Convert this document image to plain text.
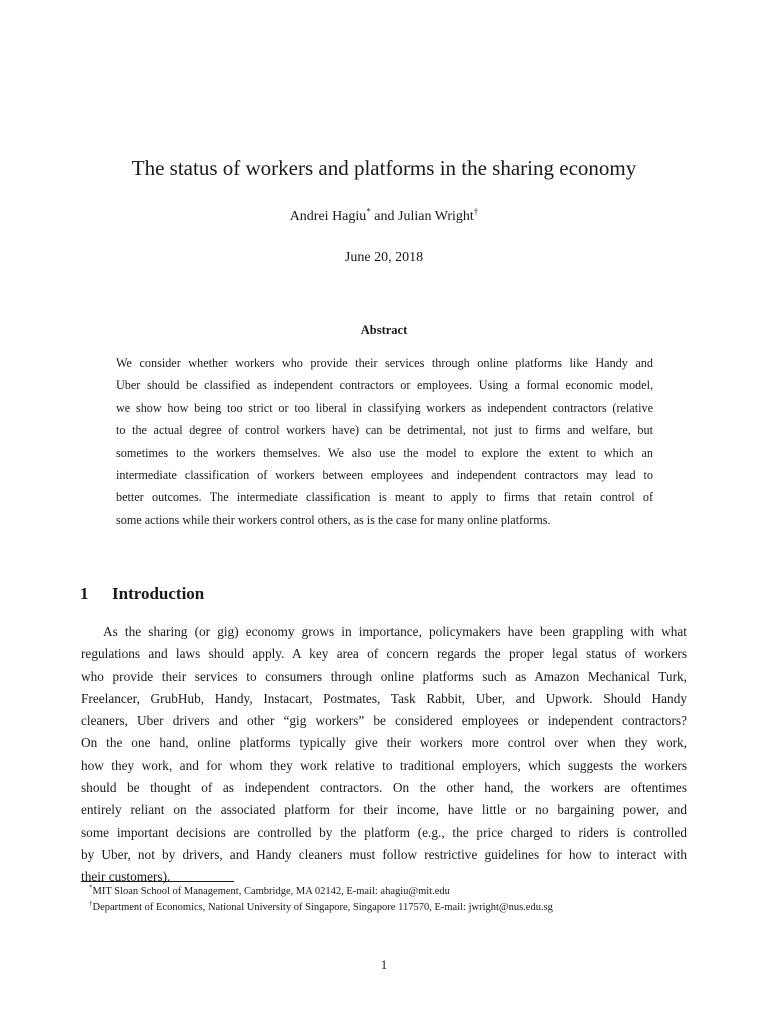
The status of workers and platforms in the sharing economy
Andrei Hagiu* and Julian Wright†
June 20, 2018
Abstract
We consider whether workers who provide their services through online platforms like Handy and
Uber should be classified as independent contractors or employees. Using a formal economic model,
we show how being too strict or too liberal in classifying workers as independent contractors (relative
to the actual degree of control workers have) can be detrimental, not just to firms and welfare, but
sometimes to the workers themselves. We also use the model to explore the extent to which an
intermediate classification of workers between employees and independent contractors may lead to
better outcomes. The intermediate classification is meant to apply to firms that retain control of
some actions while their workers control others, as is the case for many online platforms.
1 Introduction
As the sharing (or gig) economy grows in importance, policymakers have been grappling with what
regulations and laws should apply. A key area of concern regards the proper legal status of workers
who provide their services to consumers through online platforms such as Amazon Mechanical Turk,
Freelancer, GrubHub, Handy, Instacart, Postmates, Task Rabbit, Uber, and Upwork. Should Handy
cleaners, Uber drivers and other “gig workers” be considered employees or independent contractors?
On the one hand, online platforms typically give their workers more control over when they work,
how they work, and for whom they work relative to traditional employers, which suggests the workers
should be thought of as independent contractors. On the other hand, the workers are oftentimes
entirely reliant on the associated platform for their income, have little or no bargaining power, and
some important decisions are controlled by the platform (e.g., the price charged to riders is controlled
by Uber, not by drivers, and Handy cleaners must follow restrictive guidelines for how to interact with
their customers).
*MIT Sloan School of Management, Cambridge, MA 02142, E-mail: ahagiu@mit.edu
†Department of Economics, National University of Singapore, Singapore 117570, E-mail: jwright@nus.edu.sg
1
